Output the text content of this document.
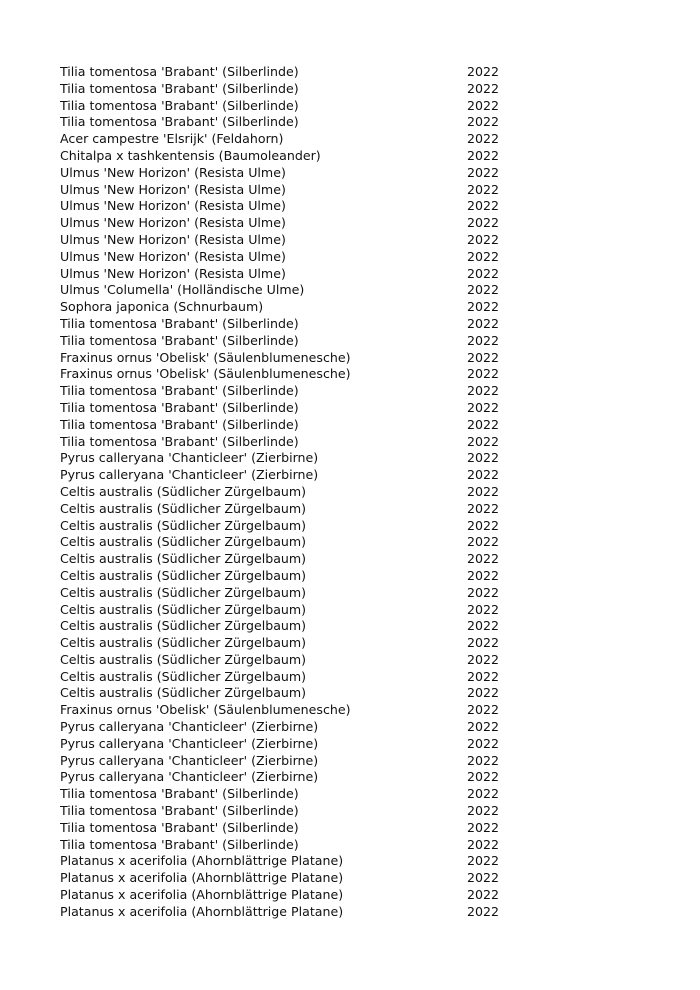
Tilia tomentosa 'Brabant' (Silberlinde)	2022
Tilia tomentosa 'Brabant' (Silberlinde)	2022
Tilia tomentosa 'Brabant' (Silberlinde)	2022
Tilia tomentosa 'Brabant' (Silberlinde)	2022
Acer campestre 'Elsrijk' (Feldahorn)	2022
Chitalpa x tashkentensis (Baumoleander)	2022
Ulmus 'New Horizon' (Resista Ulme)	2022
Ulmus 'New Horizon' (Resista Ulme)	2022
Ulmus 'New Horizon' (Resista Ulme)	2022
Ulmus 'New Horizon' (Resista Ulme)	2022
Ulmus 'New Horizon' (Resista Ulme)	2022
Ulmus 'New Horizon' (Resista Ulme)	2022
Ulmus 'New Horizon' (Resista Ulme)	2022
Ulmus 'Columella' (Holländische Ulme)	2022
Sophora japonica (Schnurbaum)	2022
Tilia tomentosa 'Brabant' (Silberlinde)	2022
Tilia tomentosa 'Brabant' (Silberlinde)	2022
Fraxinus ornus 'Obelisk' (Säulenblumenesche)	2022
Fraxinus ornus 'Obelisk' (Säulenblumenesche)	2022
Tilia tomentosa 'Brabant' (Silberlinde)	2022
Tilia tomentosa 'Brabant' (Silberlinde)	2022
Tilia tomentosa 'Brabant' (Silberlinde)	2022
Tilia tomentosa 'Brabant' (Silberlinde)	2022
Pyrus calleryana 'Chanticleer' (Zierbirne)	2022
Pyrus calleryana 'Chanticleer' (Zierbirne)	2022
Celtis australis (Südlicher Zürgelbaum)	2022
Celtis australis (Südlicher Zürgelbaum)	2022
Celtis australis (Südlicher Zürgelbaum)	2022
Celtis australis (Südlicher Zürgelbaum)	2022
Celtis australis (Südlicher Zürgelbaum)	2022
Celtis australis (Südlicher Zürgelbaum)	2022
Celtis australis (Südlicher Zürgelbaum)	2022
Celtis australis (Südlicher Zürgelbaum)	2022
Celtis australis (Südlicher Zürgelbaum)	2022
Celtis australis (Südlicher Zürgelbaum)	2022
Celtis australis (Südlicher Zürgelbaum)	2022
Celtis australis (Südlicher Zürgelbaum)	2022
Celtis australis (Südlicher Zürgelbaum)	2022
Fraxinus ornus 'Obelisk' (Säulenblumenesche)	2022
Pyrus calleryana 'Chanticleer' (Zierbirne)	2022
Pyrus calleryana 'Chanticleer' (Zierbirne)	2022
Pyrus calleryana 'Chanticleer' (Zierbirne)	2022
Pyrus calleryana 'Chanticleer' (Zierbirne)	2022
Tilia tomentosa 'Brabant' (Silberlinde)	2022
Tilia tomentosa 'Brabant' (Silberlinde)	2022
Tilia tomentosa 'Brabant' (Silberlinde)	2022
Tilia tomentosa 'Brabant' (Silberlinde)	2022
Platanus x acerifolia (Ahornblättrige Platane)	2022
Platanus x acerifolia (Ahornblättrige Platane)	2022
Platanus x acerifolia (Ahornblättrige Platane)	2022
Platanus x acerifolia (Ahornblättrige Platane)	2022
